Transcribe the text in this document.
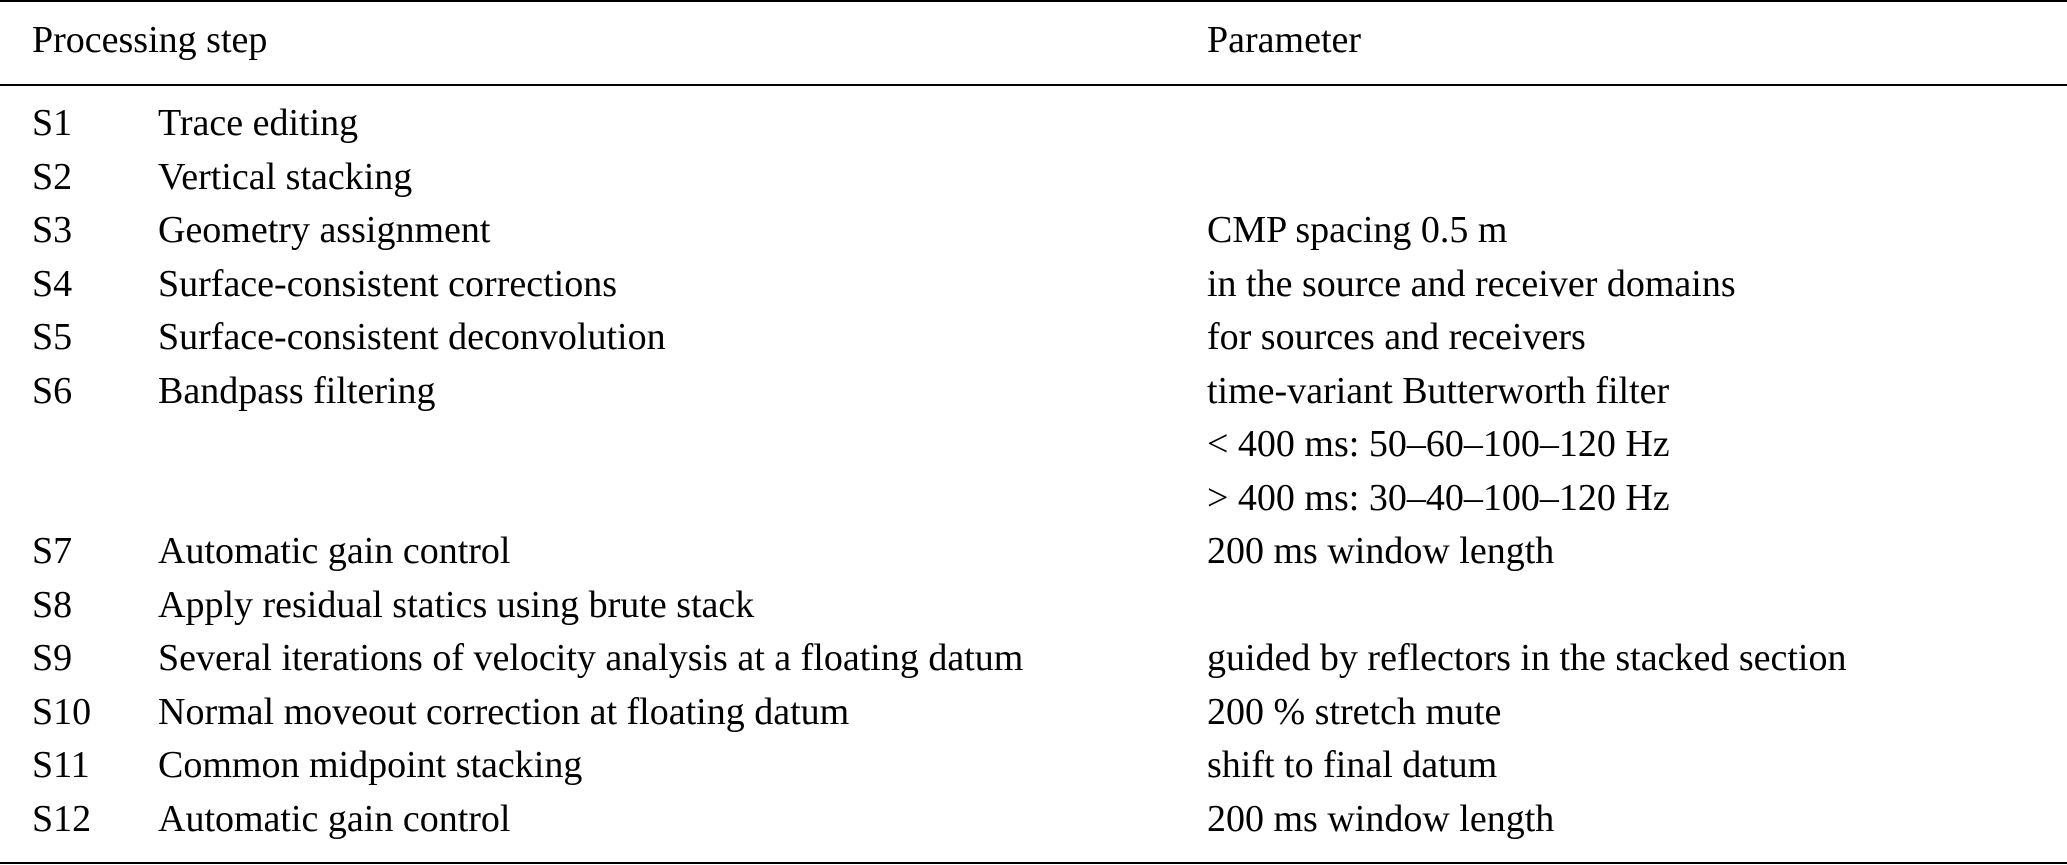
Processing step	Parameter
S1 Trace editing
S2 Vertical stacking
S3 Geometry assignment	CMP spacing 0.5 m
S4 Surface-consistent corrections	in the source and receiver domains
S5 Surface-consistent deconvolution	for sources and receivers
S6 Bandpass filtering	time-variant Butterworth filter
< 400 ms: 50–60–100–120 Hz
> 400 ms: 30–40–100–120 Hz
S7 Automatic gain control	200 ms window length
S8 Apply residual statics using brute stack
S9 Several iterations of velocity analysis at a floating datum	guided by reflectors in the stacked section
S10 Normal moveout correction at floating datum	200 % stretch mute
S11 Common midpoint stacking	shift to final datum
S12 Automatic gain control	200 ms window length
